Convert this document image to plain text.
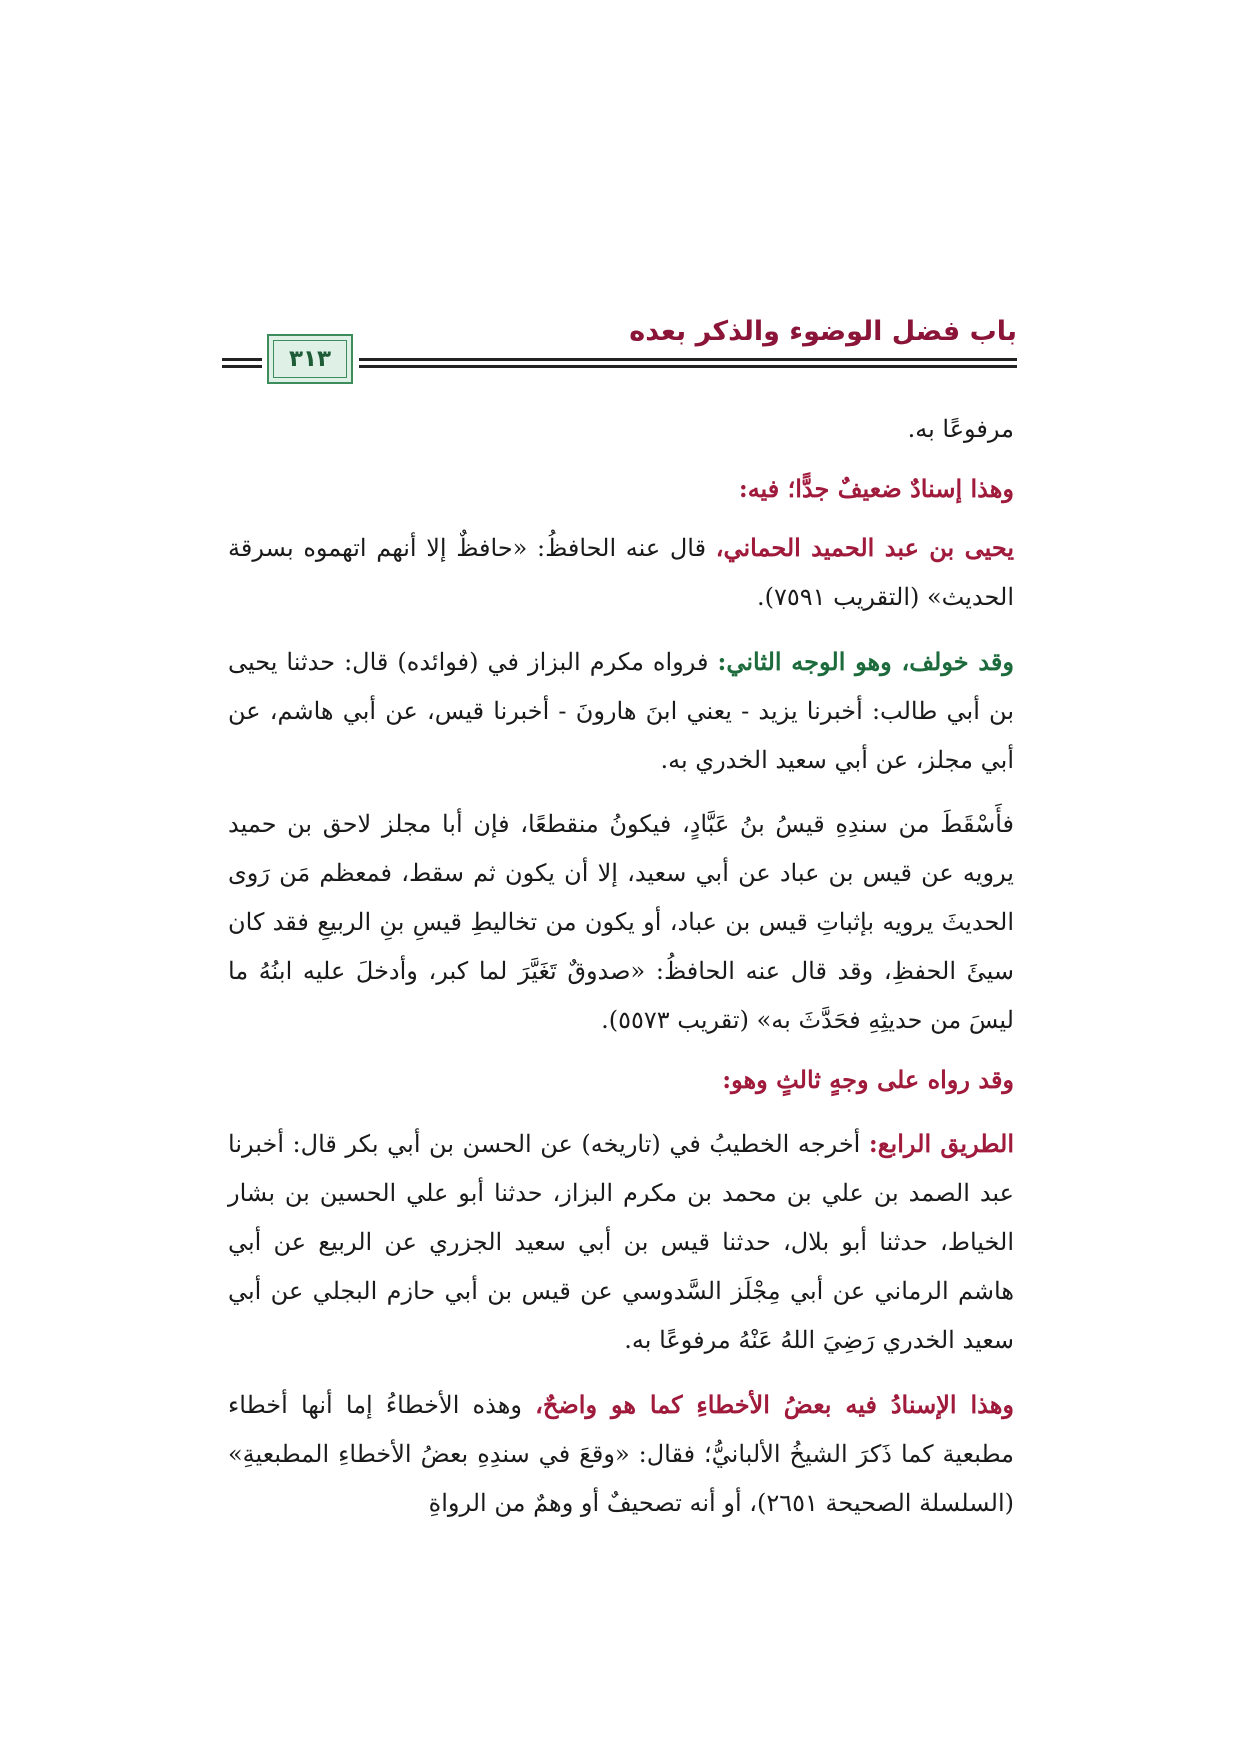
باب فضل الوضوء والذكر بعده
٣١٣

مرفوعًا به.

وهذا إسنادٌ ضعيفٌ جدًّا؛ فيه:

يحيى بن عبد الحميد الحماني، قال عنه الحافظُ: «حافظٌ إلا أنهم اتهموه بسرقة الحديث» (التقريب ٧٥٩١).

وقد خولف، وهو الوجه الثاني: فرواه مكرم البزاز في (فوائده) قال: حدثنا يحيى بن أبي طالب: أخبرنا يزيد - يعني ابنَ هارونَ - أخبرنا قيس، عن أبي هاشم، عن أبي مجلز، عن أبي سعيد الخدري به.

فأَسْقَطَ من سندِهِ قيسُ بنُ عَبَّادٍ، فيكونُ منقطعًا، فإن أبا مجلز لاحق بن حميد يرويه عن قيس بن عباد عن أبي سعيد، إلا أن يكون ثم سقط، فمعظم مَن رَوى الحديثَ يرويه بإثباتِ قيس بن عباد، أو يكون من تخاليطِ قيسِ بنِ الربيعِ فقد كان سيئَ الحفظِ، وقد قال عنه الحافظُ: «صدوقٌ تَغَيَّرَ لما كبر، وأدخلَ عليه ابنُهُ ما ليسَ من حديثِهِ فحَدَّثَ به» (تقريب ٥٥٧٣).

وقد رواه على وجهٍ ثالثٍ وهو:

الطريق الرابع: أخرجه الخطيبُ في (تاريخه) عن الحسن بن أبي بكر قال: أخبرنا عبد الصمد بن علي بن محمد بن مكرم البزاز، حدثنا أبو علي الحسين بن بشار الخياط، حدثنا أبو بلال، حدثنا قيس بن أبي سعيد الجزري عن الربيع عن أبي هاشم الرماني عن أبي مِجْلَز السَّدوسي عن قيس بن أبي حازم البجلي عن أبي سعيد الخدري رَضِيَ اللهُ عَنْهُ مرفوعًا به.

وهذا الإسنادُ فيه بعضُ الأخطاءِ كما هو واضحٌ، وهذه الأخطاءُ إما أنها أخطاء مطبعية كما ذَكرَ الشيخُ الألبانيُّ؛ فقال: «وقعَ في سندِهِ بعضُ الأخطاءِ المطبعيةِ» (السلسلة الصحيحة ٢٦٥١)، أو أنه تصحيفٌ أو وهمٌ من الرواةِ
